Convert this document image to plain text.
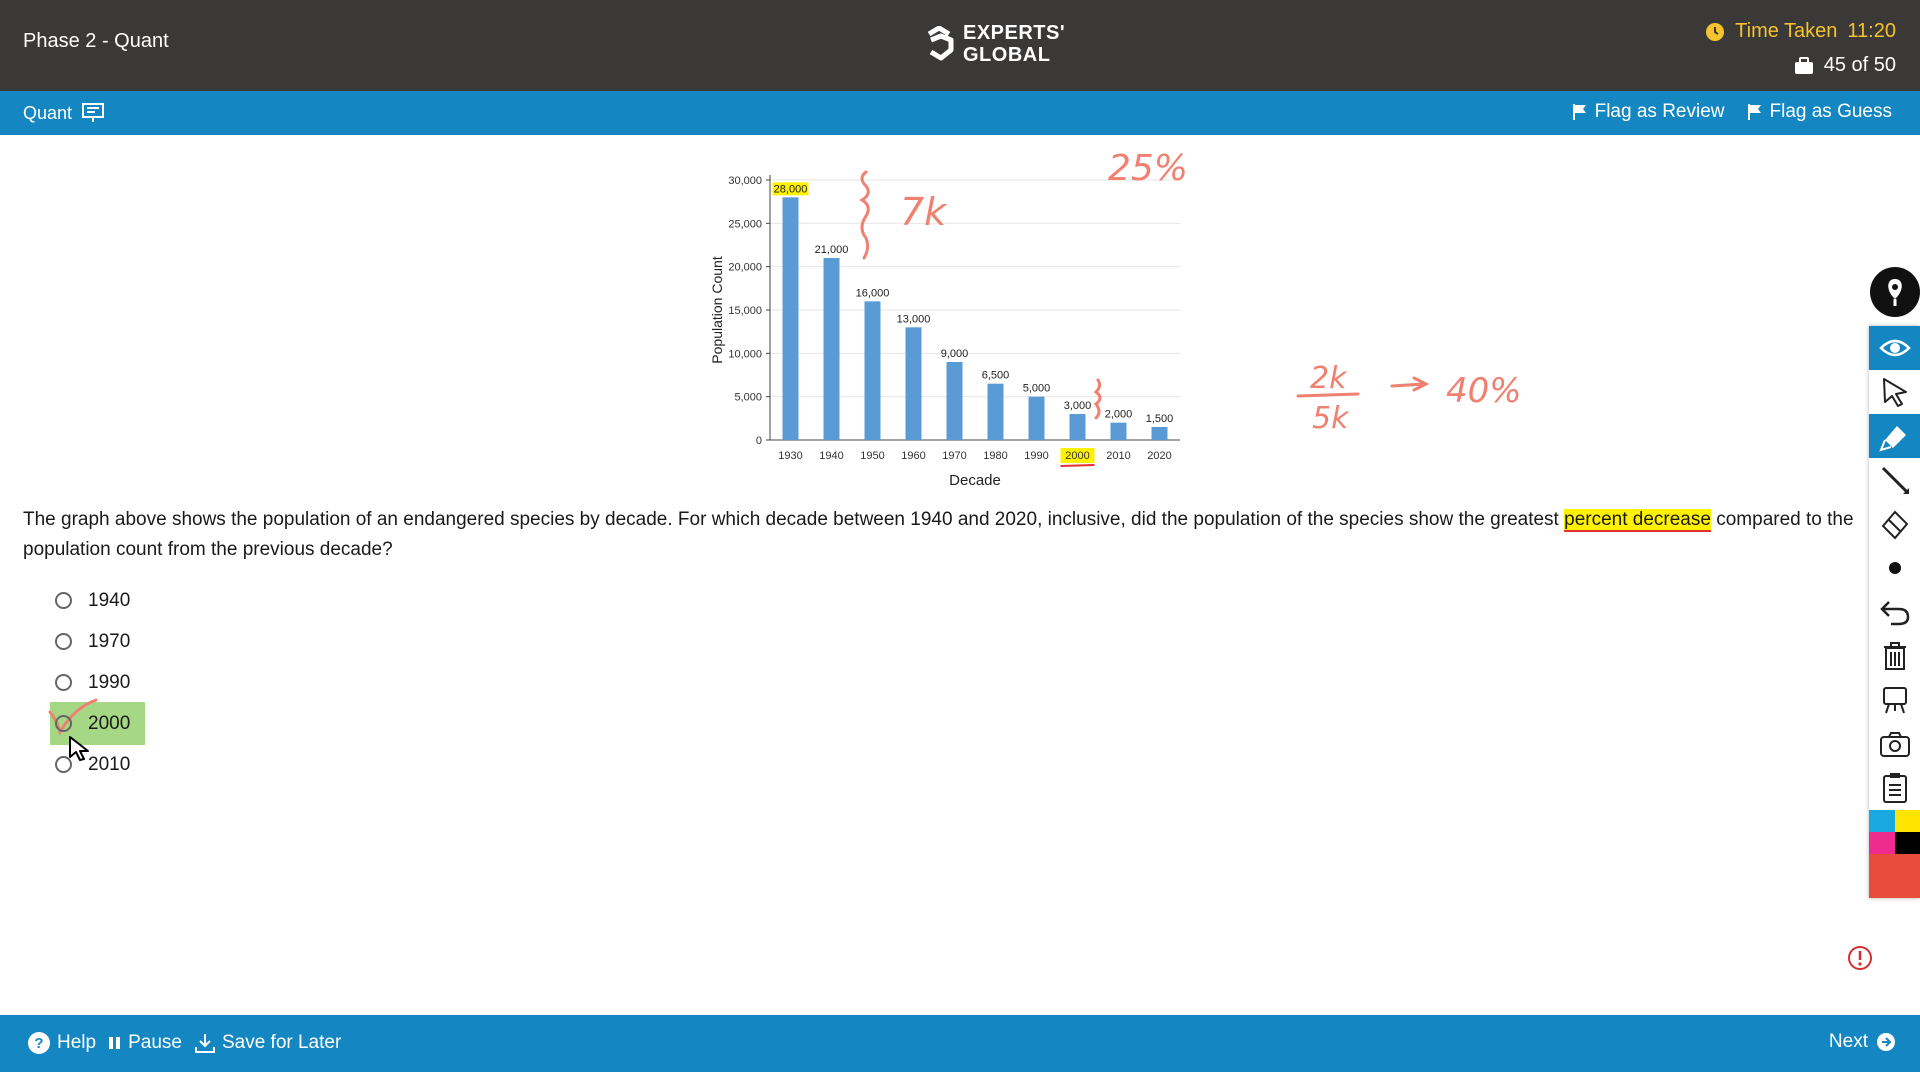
Phase 2 - Quant	EXPERTS'
GLOBAL
Time Taken 11:20
45 of 50
Quant	Flag as Review Flag as Guess
0
5,000
10,000
15,000
20,000
25,000
30,000
28,000
1930
21,000
1940
16,000
1950
13,000
1960
9,000
1970
6,500
1980
5,000
1990
3,000
2000
2,000
2010
1,500
2020
Decade
Population Count
7k
25%
2k
5k
40%
The graph above shows the population of an endangered species by decade. For which decade between 1940 and 2020, inclusive, did the population of the species show the greatest percent decrease compared to the population count from the previous decade?
1940
1970
1990
2000
2010
? Help Pause Save for Later	Next
